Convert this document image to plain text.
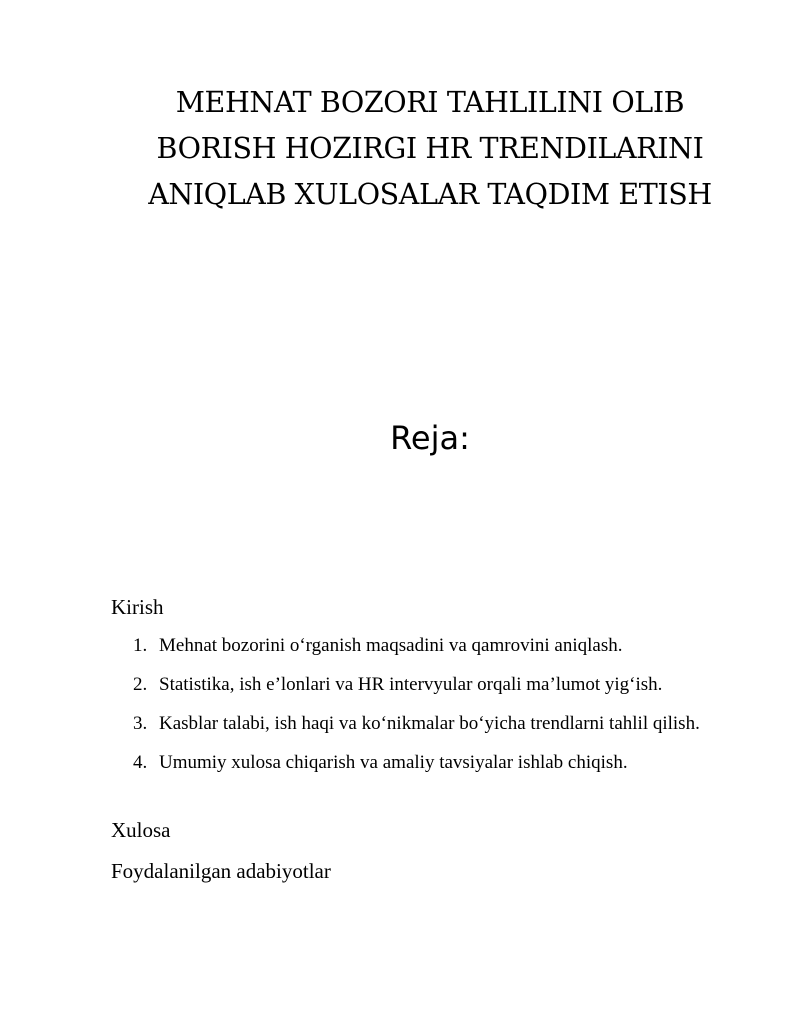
MEHNAT BOZORI TAHLILINI OLIB
BORISH HOZIRGI HR TRENDILARINI
ANIQLAB XULOSALAR TAQDIM ETISH
Reja:

Kirish

1. Mehnat bozorini o‘rganish maqsadini va qamrovini aniqlash.
2. Statistika, ish e’lonlari va HR intervyular orqali ma’lumot yig‘ish.
3. Kasblar talabi, ish haqi va ko‘nikmalar bo‘yicha trendlarni tahlil qilish.
4. Umumiy xulosa chiqarish va amaliy tavsiyalar ishlab chiqish.

Xulosa

Foydalanilgan adabiyotlar
